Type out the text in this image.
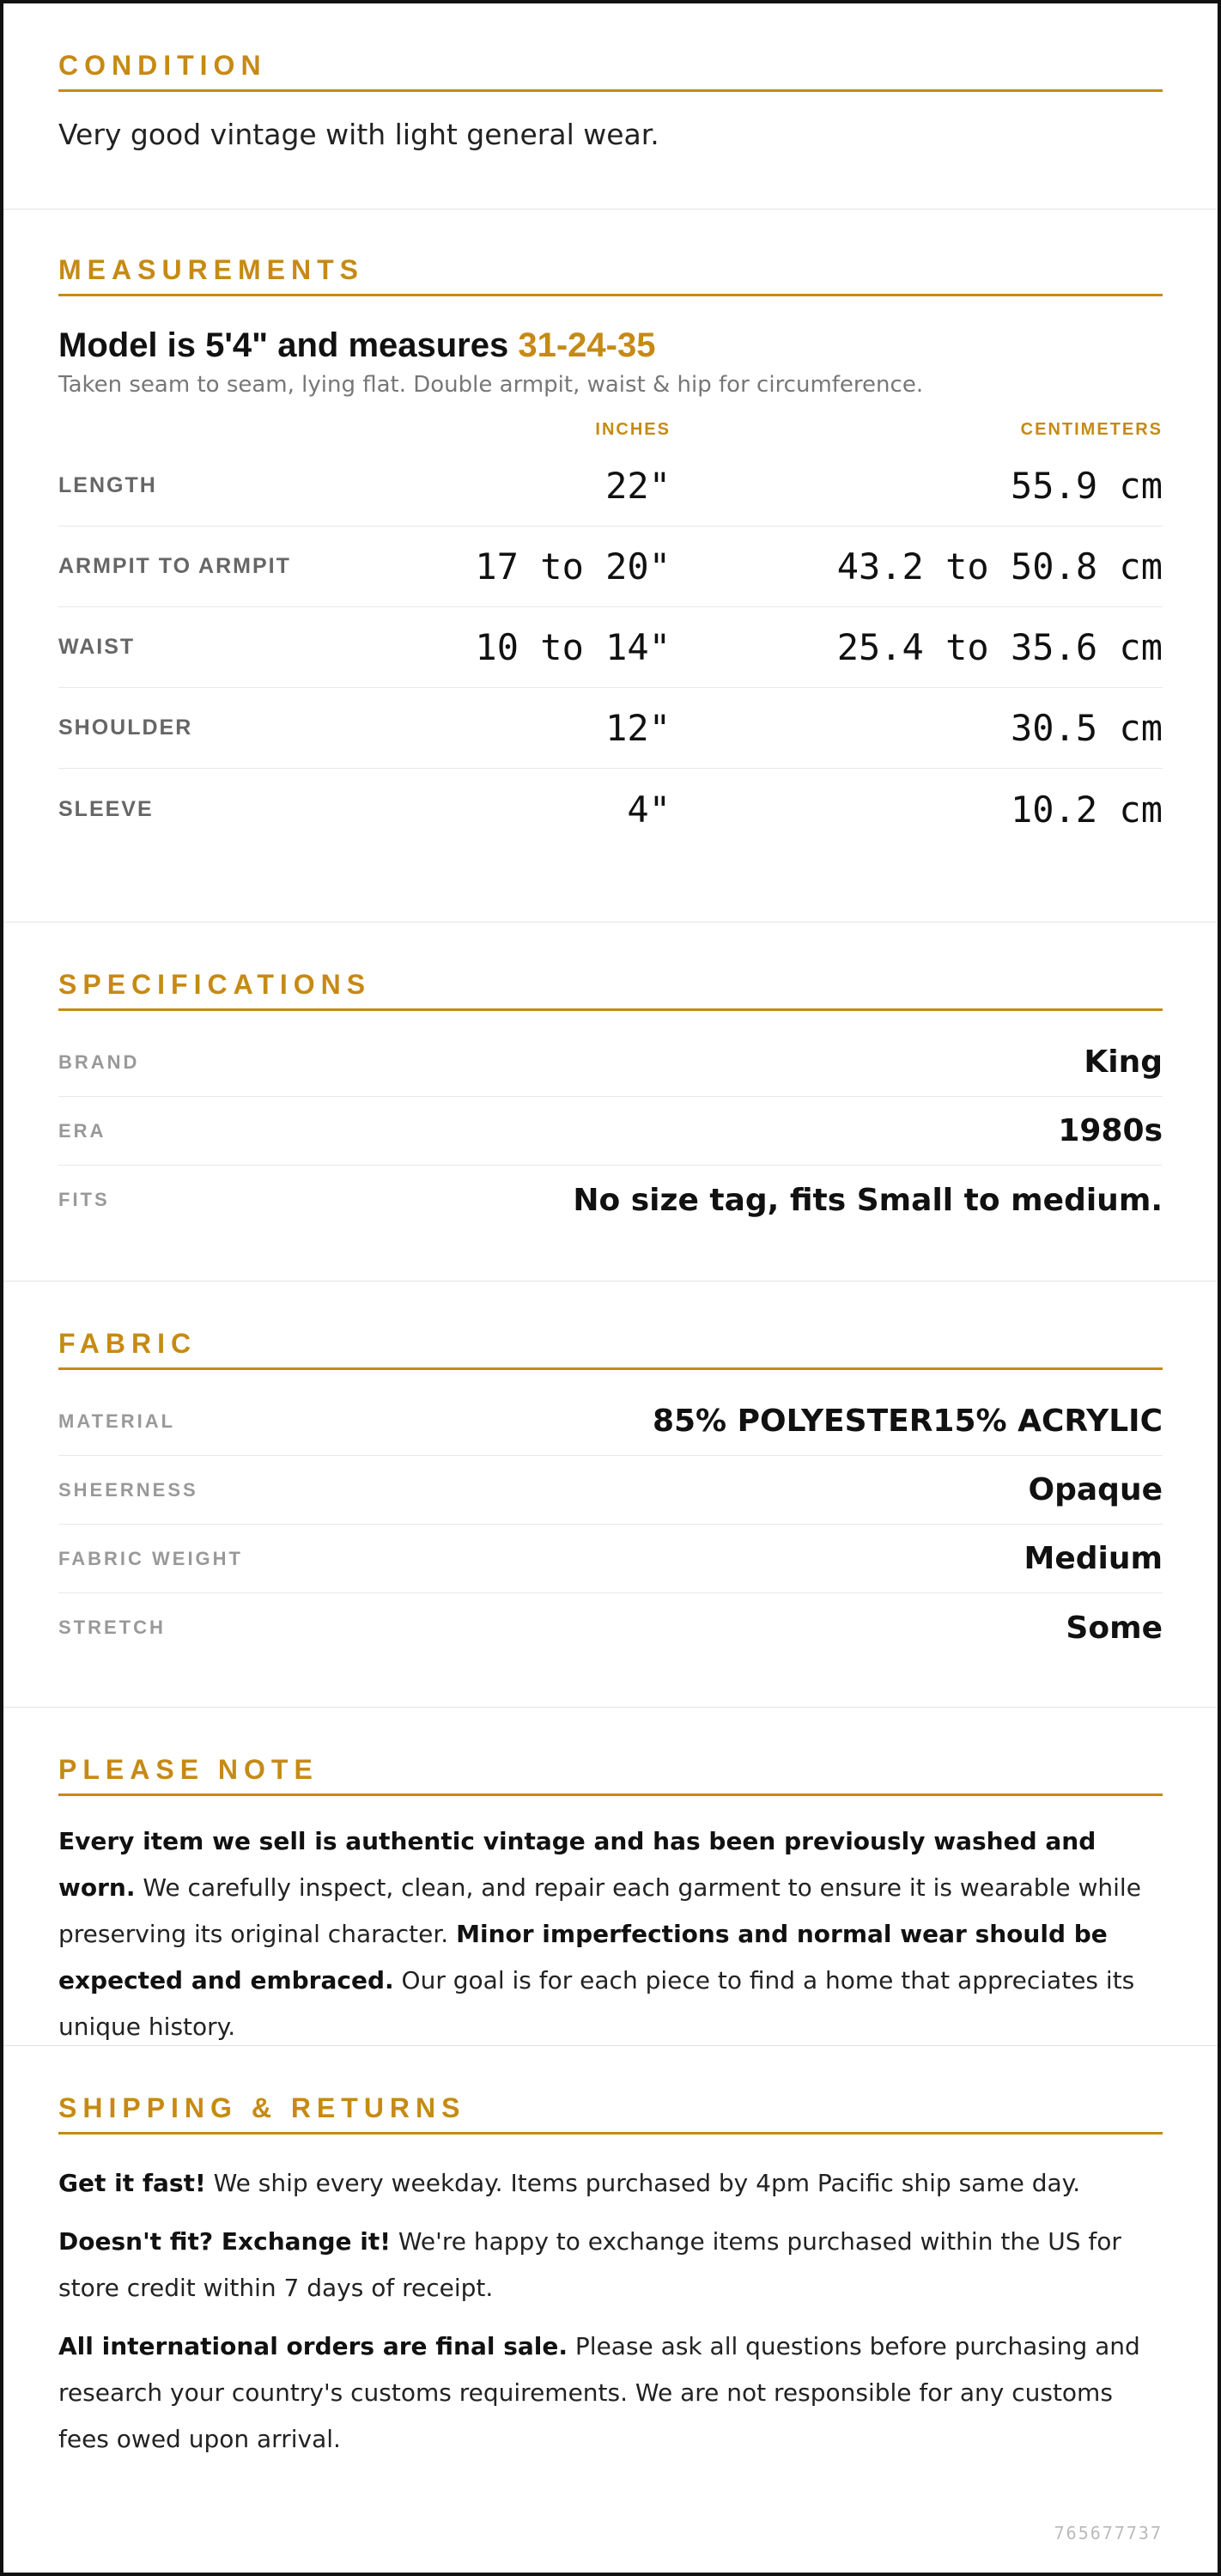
CONDITION

Very good vintage with light general wear.

MEASUREMENTS
Model is 5'4" and measures 31-24-35

Taken seam to seam, lying flat. Double armpit, waist & hip for circumference.

INCHES	CENTIMETERS
LENGTH	22"	55.9 cm
ARMPIT TO ARMPIT	17 to 20"	43.2 to 50.8 cm
WAIST	10 to 14"	25.4 to 35.6 cm
SHOULDER	12"	30.5 cm
SLEEVE	4"	10.2 cm
SPECIFICATIONS
BRAND	King
ERA	1980s
FITS	No size tag, fits Small to medium.
FABRIC
MATERIAL	85% POLYESTER15% ACRYLIC
SHEERNESS	Opaque
FABRIC WEIGHT	Medium
STRETCH	Some
PLEASE NOTE

Every item we sell is authentic vintage and has been previously washed and worn. We carefully inspect, clean, and repair each garment to ensure it is wearable while preserving its original character. Minor imperfections and normal wear should be expected and embraced. Our goal is for each piece to find a home that appreciates its unique history.

SHIPPING & RETURNS

Get it fast! We ship every weekday. Items purchased by 4pm Pacific ship same day.

Doesn't fit? Exchange it! We're happy to exchange items purchased within the US for store credit within 7 days of receipt.

All international orders are final sale. Please ask all questions before purchasing and research your country's customs requirements. We are not responsible for any customs fees owed upon arrival.

765677737
